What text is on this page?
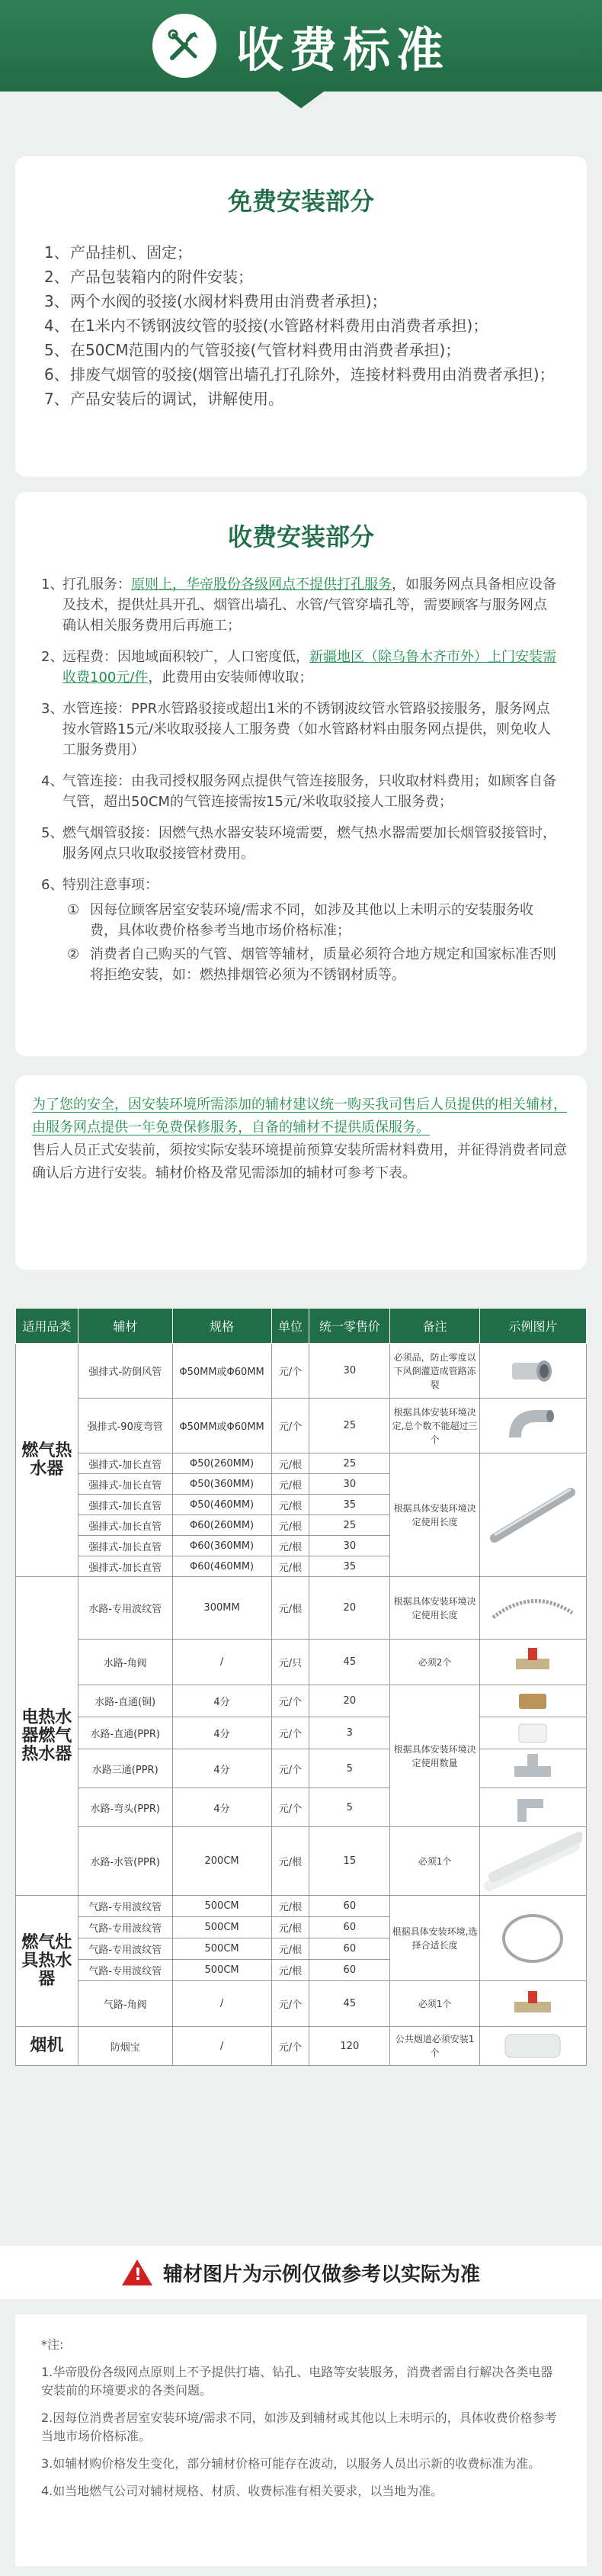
¥ 收费标准
免费安装部分
1、 产品挂机、固定；
2、 产品包装箱内的附件安装；
3、 两个水阀的驳接(水阀材料费用由消费者承担)；
4、 在1米内不锈钢波纹管的驳接(水管路材料费用由消费者承担)；
5、 在50CM范围内的气管驳接(气管材料费用由消费者承担)；
6、 排废气烟管的驳接(烟管出墙孔打孔除外，连接材料费用由消费者承担)；
7、 产品安装后的调试，讲解使用。
收费安装部分
1、
打孔服务：原则上，华帝股份各级网点不提供打孔服务，如服务网点具备相应设备及技术，提供灶具开孔、烟管出墙孔、水管/气管穿墙孔等，需要顾客与服务网点确认相关服务费用后再施工；
2、
远程费：因地域面积较广，人口密度低，新疆地区（除乌鲁木齐市外）上门安装需收费100元/件，此费用由安装师傅收取；
3、
水管连接：PPR水管路驳接或超出1米的不锈钢波纹管水管路驳接服务，服务网点按水管路15元/米收取驳接人工服务费（如水管路材料由服务网点提供，则免收人工服务费用）
4、
气管连接：由我司授权服务网点提供气管连接服务，只收取材料费用；如顾客自备气管，超出50CM的气管连接需按15元/米收取驳接人工服务费；
5、
燃气烟管驳接：因燃气热水器安装环境需要，燃气热水器需要加长烟管驳接管时，服务网点只收取驳接管材费用。
6、
特别注意事项：
① 因每位顾客居室安装环境/需求不同，如涉及其他以上未明示的安装服务收费，具体收费价格参考当地市场价格标准；
② 消费者自己购买的气管、烟管等辅材，质量必须符合地方规定和国家标准否则将拒绝安装，如：燃热排烟管必须为不锈钢材质等。
为了您的安全，因安装环境所需添加的辅材建议统一购买我司售后人员提供的相关辅材，由服务网点提供一年免费保修服务，自备的辅材不提供质保服务。
售后人员正式安装前，须按实际安装环境提前预算安装所需材料费用，并征得消费者同意确认后方进行安装。辅材价格及常见需添加的辅材可参考下表。
适用品类	辅材	规格	单位	统一零售价	备注	示例图片
燃气热水器	强排式-防倒风管	Φ50MM或Φ60MM	元/个	30	必须品，防止零度以下风倒灌造成管路冻裂	

	强排式-90度弯管	Φ50MM或Φ60MM	元/个	25	根据具体安装环境决定,总个数不能超过三个	

	强排式-加长直管	Φ50(260MM)	元/根	25	根据具体安装环境决定使用长度	

	强排式-加长直管	Φ50(360MM)	元/根	30		
	强排式-加长直管	Φ50(460MM)	元/根	35		
	强排式-加长直管	Φ60(260MM)	元/根	25		
	强排式-加长直管	Φ60(360MM)	元/根	30		
	强排式-加长直管	Φ60(460MM)	元/根	35		
电热水器燃气热水器	水路-专用波纹管	300MM	元/根	20	根据具体安装环境决定使用长度	

	水路-角阀	/	元/只	45	必须2个	

	水路-直通(铜)	4分	元/个	20	根据具体安装环境决定使用数量	

	水路-直通(PPR)	4分	元/个	3	

	水路三通(PPR)	4分	元/个	5	

	水路-弯头(PPR)	4分	元/个	5	

	水路-水管(PPR)	200CM	元/根	15	必须1个	

燃气灶具热水器	气路-专用波纹管	500CM	元/根	60	根据具体安装环境,选择合适长度	

	气路-专用波纹管	500CM	元/根	60		
	气路-专用波纹管	500CM	元/根	60		
	气路-专用波纹管	500CM	元/根	60		
	气路-角阀	/	元/个	45	必须1个	

烟机	防烟宝	/	元/个	120	公共烟道必须安装1个	
! 辅材图片为示例仅做参考以实际为准
*注:
1.华帝股份各级网点原则上不予提供打墙、钻孔、电路等安装服务，消费者需自行解决各类电器安装前的环境要求的各类问题。
2.因每位消费者居室安装环境/需求不同，如涉及到辅材或其他以上未明示的，具体收费价格参考当地市场价格标准。
3.如辅材购价格发生变化，部分辅材价格可能存在波动，以服务人员出示新的收费标准为准。
4.如当地燃气公司对辅材规格、材质、收费标准有相关要求，以当地为准。
